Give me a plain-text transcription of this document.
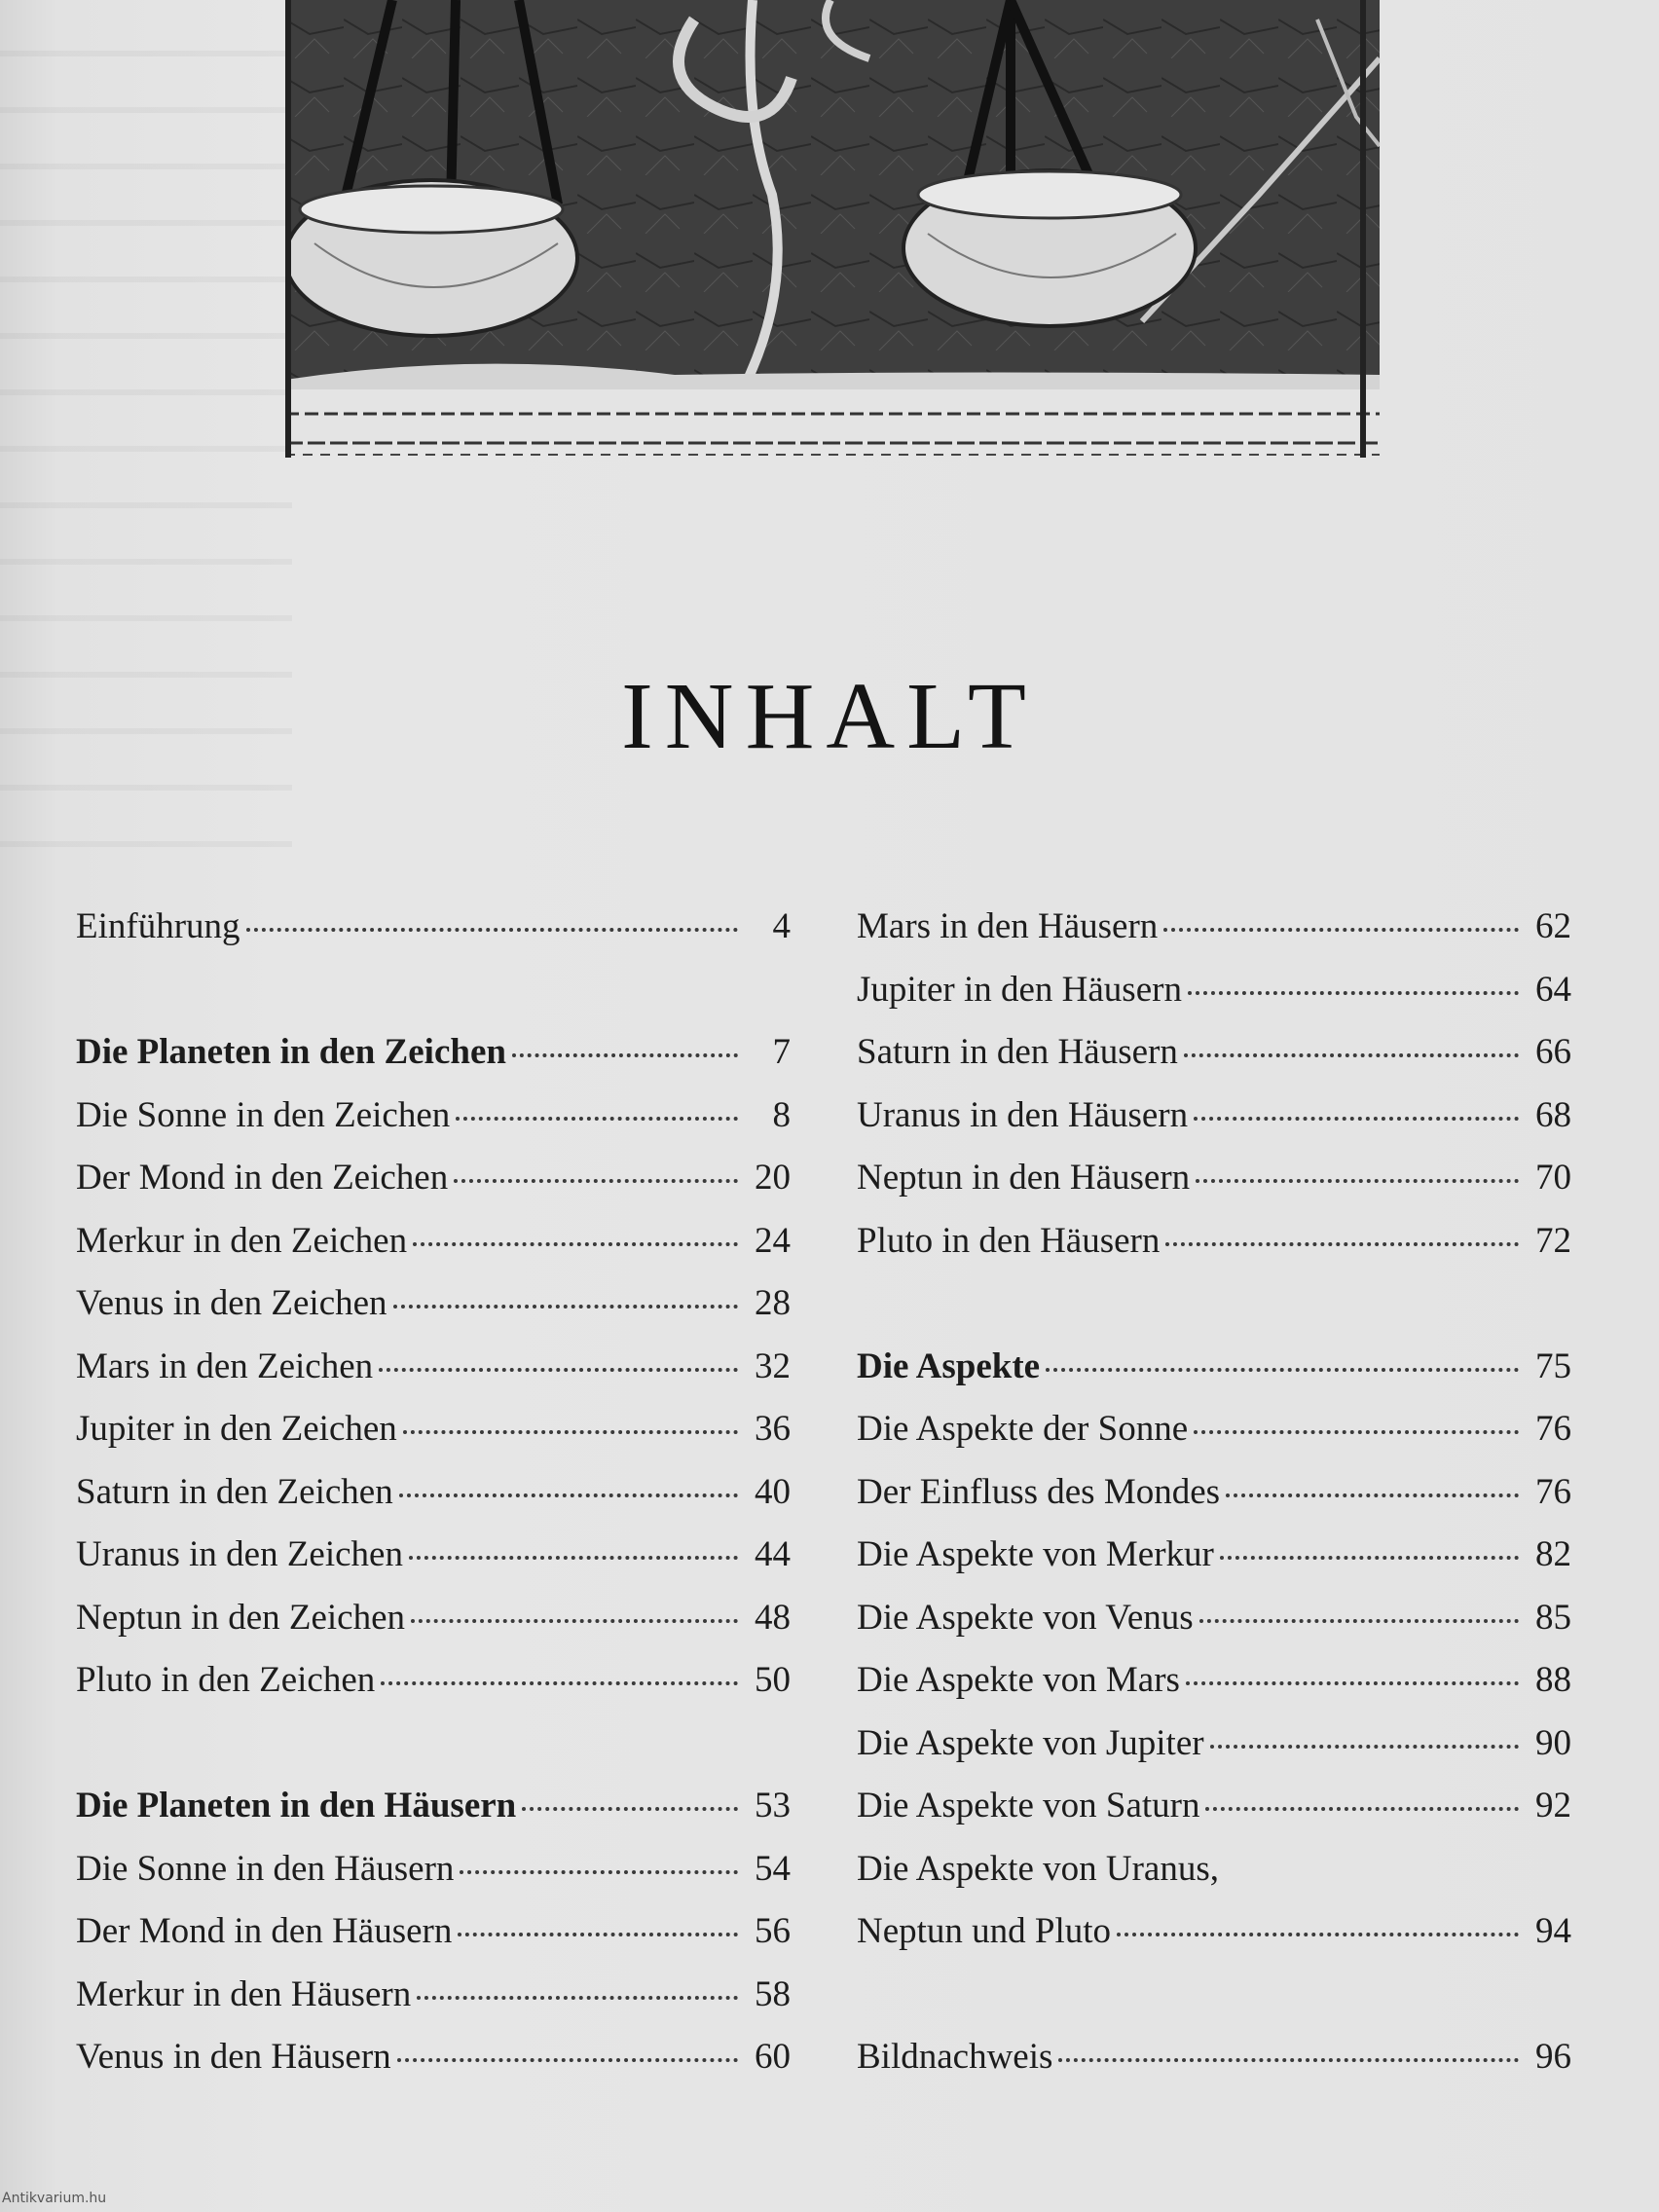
INHALT
Einführung	4
Die Planeten in den Zeichen	7
Die Sonne in den Zeichen	8
Der Mond in den Zeichen	20
Merkur in den Zeichen	24
Venus in den Zeichen	28
Mars in den Zeichen	32
Jupiter in den Zeichen	36
Saturn in den Zeichen	40
Uranus in den Zeichen	44
Neptun in den Zeichen	48
Pluto in den Zeichen	50
Die Planeten in den Häusern	53
Die Sonne in den Häusern	54
Der Mond in den Häusern	56
Merkur in den Häusern	58
Venus in den Häusern	60
Mars in den Häusern	62
Jupiter in den Häusern	64
Saturn in den Häusern	66
Uranus in den Häusern	68
Neptun in den Häusern	70
Pluto in den Häusern	72
Die Aspekte	75
Die Aspekte der Sonne	76
Der Einfluss des Mondes	76
Die Aspekte von Merkur	82
Die Aspekte von Venus	85
Die Aspekte von Mars	88
Die Aspekte von Jupiter	90
Die Aspekte von Saturn	92
Die Aspekte von Uranus,
Neptun und Pluto	94
Bildnachweis	96
Antikvarium.hu
